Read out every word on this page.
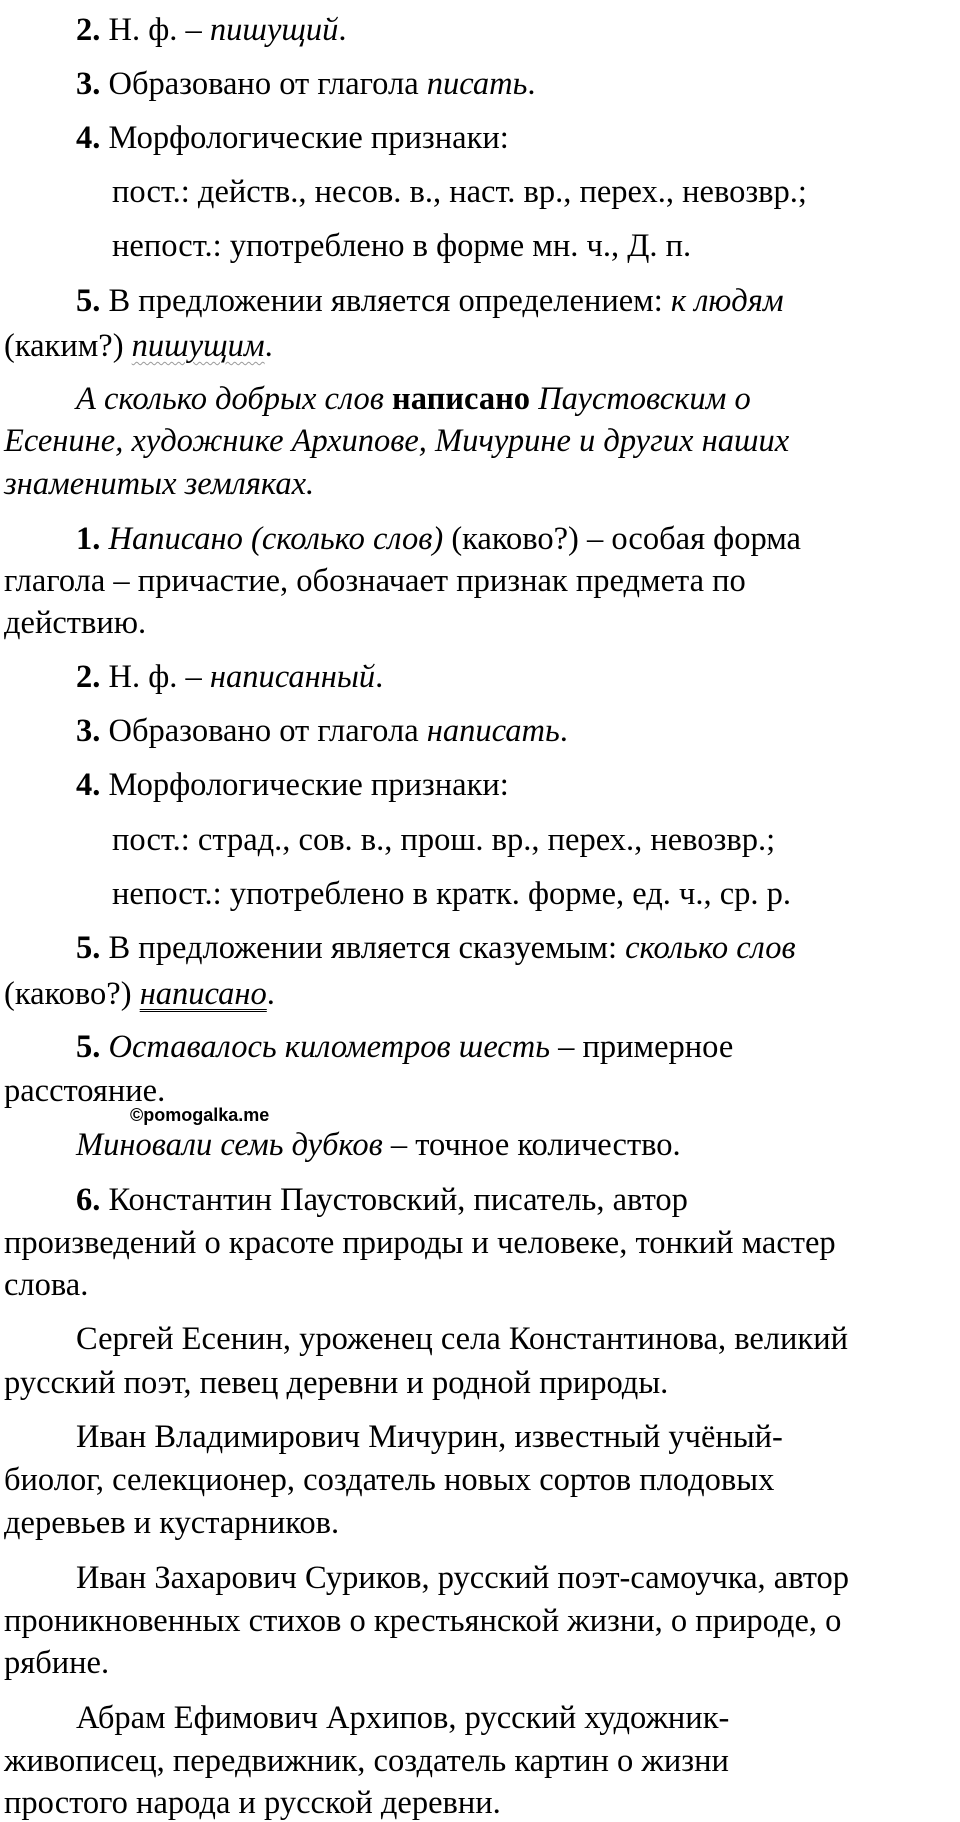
2. Н. ф. – пишущий.
3. Образовано от глагола писать.
4. Морфологические признаки:
пост.: действ., несов. в., наст. вр., перех., невозвр.;
непост.: употреблено в форме мн. ч., Д. п.
5. В предложении является определением: к людям
(каким?) пишущим.
А сколько добрых слов написано Паустовским о
Есенине, художнике Архипове, Мичурине и других наших
знаменитых земляках.
1. Написано (сколько слов) (каково?) – особая форма
глагола – причастие, обозначает признак предмета по
действию.
2. Н. ф. – написанный.
3. Образовано от глагола написать.
4. Морфологические признаки:
пост.: страд., сов. в., прош. вр., перех., невозвр.;
непост.: употреблено в кратк. форме, ед. ч., ср. р.
5. В предложении является сказуемым: сколько слов
(каково?) написано.
5. Оставалось километров шесть – примерное
расстояние.
©pomogalka.me
Миновали семь дубков – точное количество.
6. Константин Паустовский, писатель, автор
произведений о красоте природы и человеке, тонкий мастер
слова.
Сергей Есенин, уроженец села Константинова, великий
русский поэт, певец деревни и родной природы.
Иван Владимирович Мичурин, известный учёный-
биолог, селекционер, создатель новых сортов плодовых
деревьев и кустарников.
Иван Захарович Суриков, русский поэт-самоучка, автор
проникновенных стихов о крестьянской жизни, о природе, о
рябине.
Абрам Ефимович Архипов, русский художник-
живописец, передвижник, создатель картин о жизни
простого народа и русской деревни.
